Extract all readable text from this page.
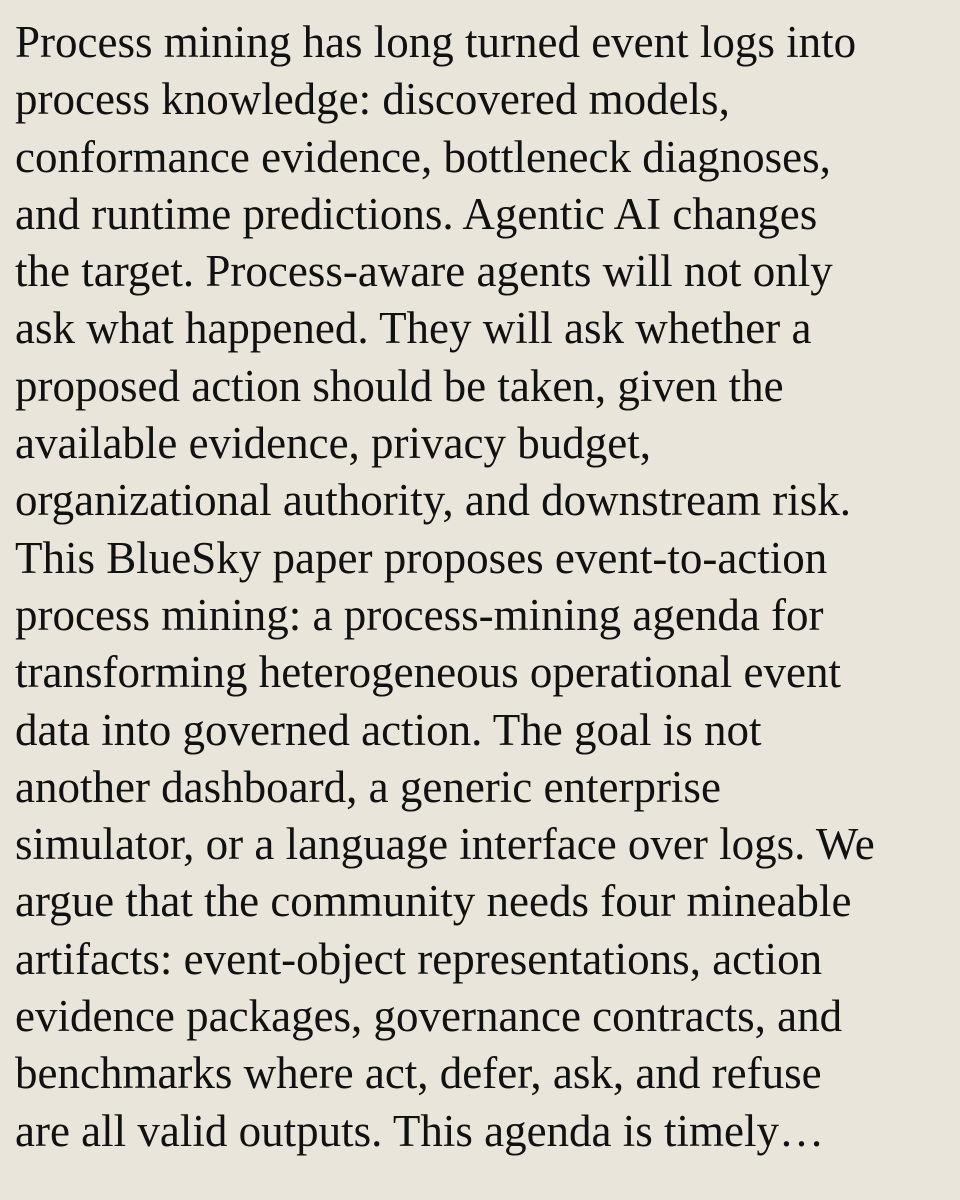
Process mining has long turned event logs into
process knowledge: discovered models,
conformance evidence, bottleneck diagnoses,
and runtime predictions. Agentic AI changes
the target. Process-aware agents will not only
ask what happened. They will ask whether a
proposed action should be taken, given the
available evidence, privacy budget,
organizational authority, and downstream risk.
This BlueSky paper proposes event-to-action
process mining: a process-mining agenda for
transforming heterogeneous operational event
data into governed action. The goal is not
another dashboard, a generic enterprise
simulator, or a language interface over logs. We
argue that the community needs four mineable
artifacts: event-object representations, action
evidence packages, governance contracts, and
benchmarks where act, defer, ask, and refuse
are all valid outputs. This agenda is timely…
